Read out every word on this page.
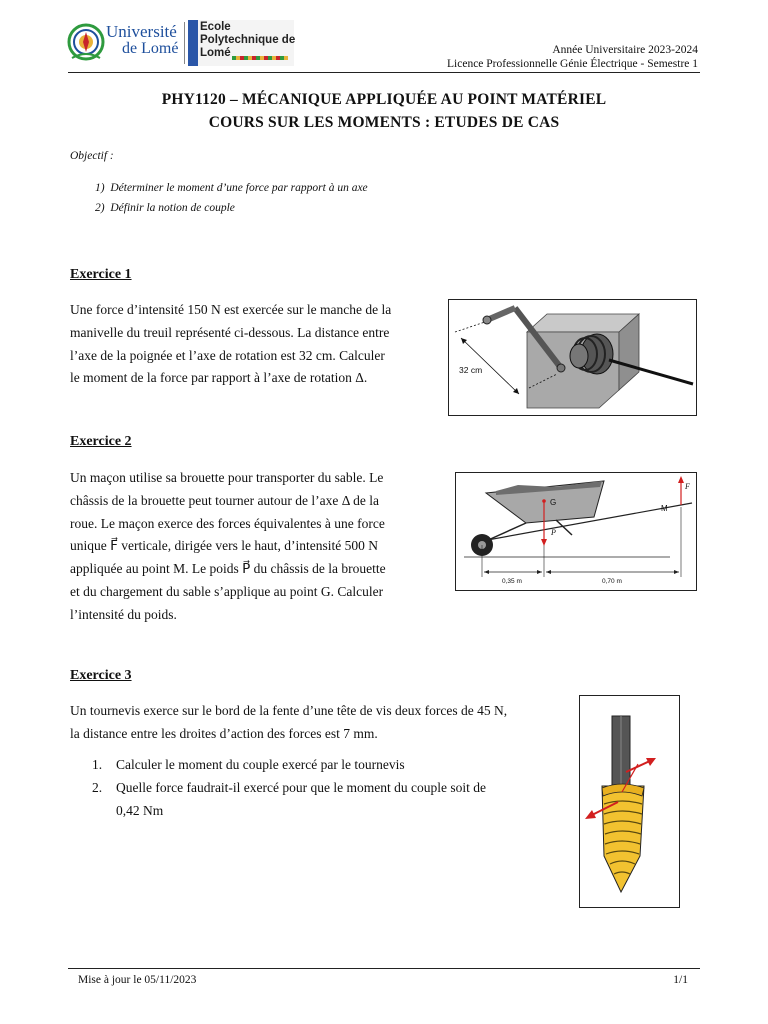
Université
de Lomé
Ecole
Polytechnique de
Lomé	Année Universitaire 2023-2024
Licence Professionnelle Génie Électrique - Semestre 1
PHY1120 – MÉCANIQUE APPLIQUÉE AU POINT MATÉRIEL
COURS SUR LES MOMENTS : ETUDES DE CAS
Objectif :
1) Déterminer le moment d’une force par rapport à un axe
2) Définir la notion de couple
Exercice 1

Une force d’intensité 150 N est exercée sur le manche de la

manivelle du treuil représenté ci-dessous. La distance entre

l’axe de la poignée et l’axe de rotation est 32 cm. Calculer

le moment de la force par rapport à l’axe de rotation Δ.

32 cm
Exercice 2

Un maçon utilise sa brouette pour transporter du sable. Le

châssis de la brouette peut tourner autour de l’axe Δ de la

roue. Le maçon exerce des forces équivalentes à une force

unique F⃗ verticale, dirigée vers le haut, d’intensité 500 N

appliquée au point M. Le poids P⃗ du châssis de la brouette

et du chargement du sable s’applique au point G. Calculer

l’intensité du poids.

G
P⃗
M
F⃗
0,35 m	0,70 m
Exercice 3

Un tournevis exerce sur le bord de la fente d’une tête de vis deux forces de 45 N,

la distance entre les droites d’action des forces est 7 mm.

1. Calculer le moment du couple exercé par le tournevis
2. Quelle force faudrait-il exercé pour que le moment du couple soit de
0,42 Nm
Mise à jour le 05/11/2023	1/1
